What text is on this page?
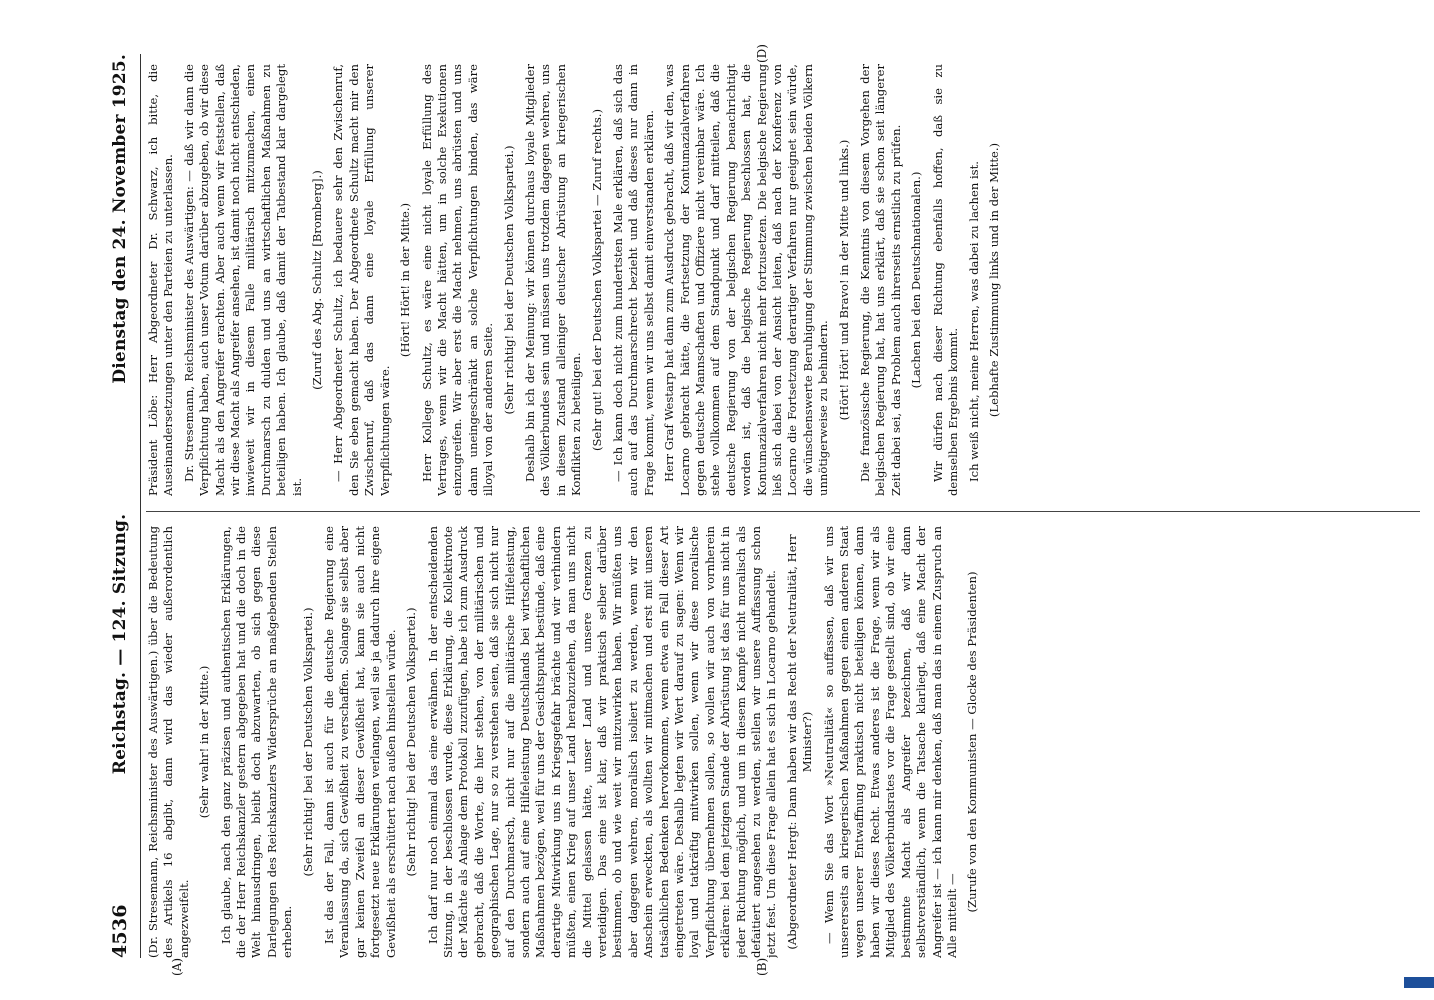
4536
Reichstag. — 124. Sitzung.
Dienstag den 24. November 1925.

(Dr. Stresemann, Reichsminister des Auswärtigen.) über die Bedeutung des Artikels 16 abgibt, dann wird das wieder außerordentlich angezweifelt.

(Sehr wahr! in der Mitte.) Ich glaube, nach den ganz präzisen und authentischen Erklärungen, die der Herr Reichskanzler gestern abgegeben hat und die doch in die Welt hinausdringen, bleibt doch abzuwarten, ob sich gegen diese Darlegungen des Reichskanzlers Widersprüche an maßgebenden Stellen erheben.

(Sehr richtig! bei der Deutschen Volkspartei.) Ist das der Fall, dann ist auch für die deutsche Regierung eine Veranlassung da, sich Gewißheit zu verschaffen. Solange sie selbst aber gar keinen Zweifel an dieser Gewißheit hat, kann sie auch nicht fortgesetzt neue Erklärungen verlangen, weil sie ja dadurch ihre eigene Gewißheit als erschüttert nach außen hinstellen würde. (Sehr richtig! bei der Deutschen Volkspartei.) Ich darf nur noch einmal das eine erwähnen. In der entscheidenden Sitzung, in der beschlossen wurde, diese Erklärung, die Kollektivnote der Mächte als Anlage dem Protokoll zuzufügen, habe ich zum Ausdruck gebracht, daß die Worte, die hier stehen, von der militärischen und geographischen Lage, nur so zu verstehen seien, daß sie sich nicht nur auf den Durchmarsch, nicht nur auf die militärische Hilfeleistung, sondern auch auf eine Hilfeleistung Deutschlands bei wirtschaftlichen Maßnahmen bezögen, weil für uns der Gesichtspunkt bestünde, daß eine derartige Mitwirkung uns in Kriegsgefahr brächte und wir verhindern müßten, einen Krieg auf unser Land herabzuziehen, da man uns nicht die Mittel gelassen hätte, unser Land und unsere Grenzen zu verteidigen. Das eine ist klar, daß wir praktisch selber darüber bestimmen, ob und wie weit wir mitzuwirken haben. Wir müßten uns aber dagegen wehren, moralisch isoliert zu werden, wenn wir den Anschein erweckten, als wollten wir mitmachen und erst mit unseren tatsächlichen Bedenken hervorkommen, wenn etwa ein Fall dieser Art eingetreten wäre. Deshalb legten wir Wert darauf zu sagen: Wenn wir loyal und tatkräftig mitwirken sollen, wenn wir diese moralische Verpflichtung übernehmen sollen, so wollen wir auch von vornherein erklären: bei dem jetzigen Stande der Abrüstung ist das für uns nicht in jeder Richtung möglich, und um in diesem Kampfe nicht moralisch als defaitiert angesehen zu werden, stellen wir unsere Auffassung schon jetzt fest. Um diese Frage allein hat es sich in Locarno gehandelt. (Abgeordneter Hergt: Dann haben wir das Recht der Neutralität, Herr Minister?) — Wenn Sie das Wort »Neutralität« so auffassen, daß wir uns unsererseits an kriegerischen Maßnahmen gegen einen anderen Staat wegen unserer Entwaffnung praktisch nicht beteiligen können, dann haben wir dieses Recht. Etwas anderes ist die Frage, wenn wir als Mitglied des Völkerbundsrates vor die Frage gestellt sind, ob wir eine bestimmte Macht als Angreifer bezeichnen, daß wir dann selbstverständlich, wenn die Tatsache klarliegt, daß eine Macht der Angreifer ist — ich kann mir denken, daß man das in einem Zuspruch an Alle mitteilt —

(Zurufe von den Kommunisten — Glocke des Präsidenten)

Präsident Löbe: Herr Abgeordneter Dr. Schwarz, ich bitte, die Auseinandersetzungen unter den Parteien zu unterlassen. Dr. Stresemann, Reichsminister des Auswärtigen: — daß wir dann die Verpflichtung haben, auch unser Votum darüber abzugeben, ob wir diese Macht als den Angreifer erachten. Aber auch wenn wir feststellen, daß wir diese Macht als Angreifer ansehen, ist damit noch nicht entschieden, inwieweit wir in diesem Falle militärisch mitzumachen, einen Durchmarsch zu dulden und uns an wirtschaftlichen Maßnahmen zu beteiligen haben. Ich glaube, daß damit der Tatbestand klar dargelegt ist.

(Zuruf des Abg. Schultz [Bromberg].) — Herr Abgeordneter Schultz, ich bedauere sehr den Zwischenruf, den Sie eben gemacht haben. Der Abgeordnete Schultz macht mir den Zwischenruf, daß das dann eine loyale Erfüllung unserer Verpflichtungen wäre.

(Hört! Hört! in der Mitte.) Herr Kollege Schultz, es wäre eine nicht loyale Erfüllung des Vertrages, wenn wir die Macht hätten, um in solche Exekutionen einzugreifen. Wir aber erst die Macht nehmen, uns abrüsten und uns dann uneingeschränkt an solche Verpflichtungen binden, das wäre illoyal von der anderen Seite. (Sehr richtig! bei der Deutschen Volkspartei.) Deshalb bin ich der Meinung: wir können durchaus loyale Mitglieder des Völkerbundes sein und müssen uns trotzdem dagegen wehren, uns in diesem Zustand alleiniger deutscher Abrüstung an kriegerischen Konflikten zu beteiligen. (Sehr gut! bei der Deutschen Volkspartei — Zuruf rechts.) — Ich kann doch nicht zum hundertsten Male erklären, daß sich das auch auf das Durchmarschrecht bezieht und daß dieses nur dann in Frage kommt, wenn wir uns selbst damit einverstanden erklären. Herr Graf Westarp hat dann zum Ausdruck gebracht, daß wir den, was Locarno gebracht hätte, die Fortsetzung der Kontumazialverfahren gegen deutsche Mannschaften und Offiziere nicht vereinbar wäre. Ich stehe vollkommen auf dem Standpunkt und darf mitteilen, daß die deutsche Regierung von der belgischen Regierung benachrichtigt worden ist, daß die belgische Regierung beschlossen hat, die Kontumazialverfahren nicht mehr fortzusetzen. Die belgische Regierung ließ sich dabei von der Ansicht leiten, daß nach der Konferenz von Locarno die Fortsetzung derartiger Verfahren nur geeignet sein würde, die wünschenswerte Beruhigung der Stimmung zwischen beiden Völkern unnötigerweise zu behindern. (Hört! Hört! und Bravo! in der Mitte und links.) Die französische Regierung, die Kenntnis von diesem Vorgehen der belgischen Regierung hat, hat uns erklärt, daß sie schon seit längerer Zeit dabei sei, das Problem auch ihrerseits ernstlich zu prüfen. (Lachen bei den Deutschnationalen.) Wir dürfen nach dieser Richtung ebenfalls hoffen, daß sie zu demselben Ergebnis kommt. Ich weiß nicht, meine Herren, was dabei zu lachen ist. (Lebhafte Zustimmung links und in der Mitte.)

(A)	(B)
(D)
